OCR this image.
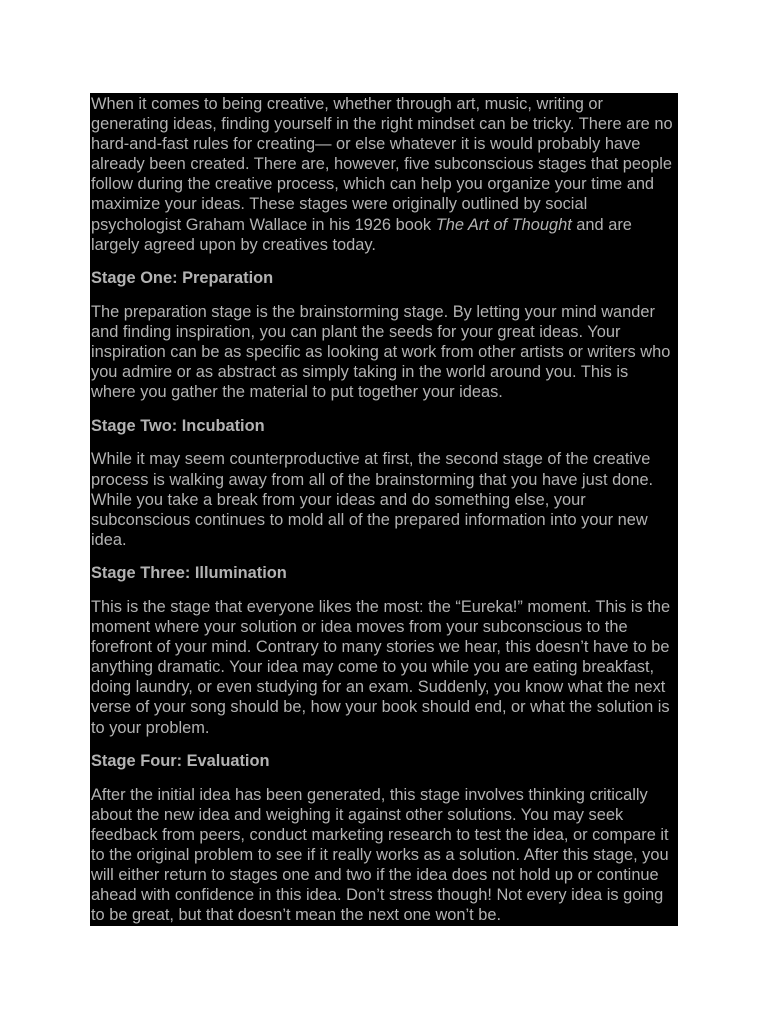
When it comes to being creative, whether through art, music, writing or generating ideas, finding yourself in the right mindset can be tricky. There are no hard-and-fast rules for creating— or else whatever it is would probably have already been created. There are, however, five subconscious stages that people follow during the creative process, which can help you organize your time and maximize your ideas. These stages were originally outlined by social psychologist Graham Wallace in his 1926 book The Art of Thought and are largely agreed upon by creatives today.

Stage One: Preparation

The preparation stage is the brainstorming stage. By letting your mind wander and finding inspiration, you can plant the seeds for your great ideas. Your inspiration can be as specific as looking at work from other artists or writers who you admire or as abstract as simply taking in the world around you. This is where you gather the material to put together your ideas.

Stage Two: Incubation

While it may seem counterproductive at first, the second stage of the creative process is walking away from all of the brainstorming that you have just done. While you take a break from your ideas and do something else, your subconscious continues to mold all of the prepared information into your new idea.

Stage Three: Illumination

This is the stage that everyone likes the most: the “Eureka!” moment. This is the moment where your solution or idea moves from your subconscious to the forefront of your mind. Contrary to many stories we hear, this doesn’t have to be anything dramatic. Your idea may come to you while you are eating breakfast, doing laundry, or even studying for an exam. Suddenly, you know what the next verse of your song should be, how your book should end, or what the solution is to your problem.

Stage Four: Evaluation

After the initial idea has been generated, this stage involves thinking critically about the new idea and weighing it against other solutions. You may seek feedback from peers, conduct marketing research to test the idea, or compare it to the original problem to see if it really works as a solution. After this stage, you will either return to stages one and two if the idea does not hold up or continue ahead with confidence in this idea. Don’t stress though! Not every idea is going to be great, but that doesn’t mean the next one won’t be.
